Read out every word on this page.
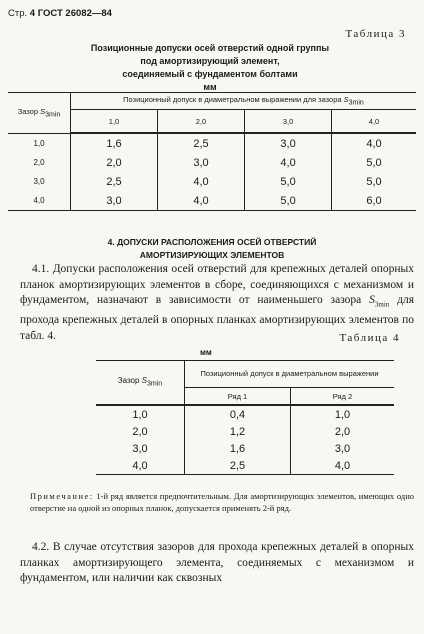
Стр. 4 ГОСТ 26082—84
Таблица 3
Позиционные допуски осей отверстий одной группы
под амортизирующий элемент,
соединяемый с фундаментом болтами
мм
Зазор $S_{3min}$	Позиционный допуск в диаметральном выражении для зазора $S_{3min}$
	1,0	2,0	3,0	4,0
1,0	1,6	2,5	3,0	4,0
2,0	2,0	3,0	4,0	5,0
3,0	2,5	4,0	5,0	5,0
4,0	3,0	4,0	5,0	6,0
4. ДОПУСКИ РАСПОЛОЖЕНИЯ ОСЕЙ ОТВЕРСТИЙ
АМОРТИЗИРУЮЩИХ ЭЛЕМЕНТОВ
4.1. Допуски расположения осей отверстий для крепежных деталей опорных планок амортизирующих элементов в сборе, соединяющихся с механизмом и фундаментом, назначают в зависимости от наименьшего зазора $S_{3min}$ для прохода крепежных деталей в опорных планках амортизирующих элементов по табл. 4.	Таблица 4
мм
Зазор $S_{3min}$	Позиционный допуск в диаметральном выражении	
	Ряд 1	Ряд 2
1,0	0,4	1,0
2,0	1,2	2,0
3,0	1,6	3,0
4,0	2,5	4,0
Примечание: 1-й ряд является предпочтительным. Для амортизирующих элементов, имеющих одно отверстие на одной из опорных планок, допускается применять 2-й ряд.
4.2. В случае отсутствия зазоров для прохода крепежных деталей в опорных планках амортизирующего элемента, соединяемых с механизмом и фундаментом, или наличии как сквозных
